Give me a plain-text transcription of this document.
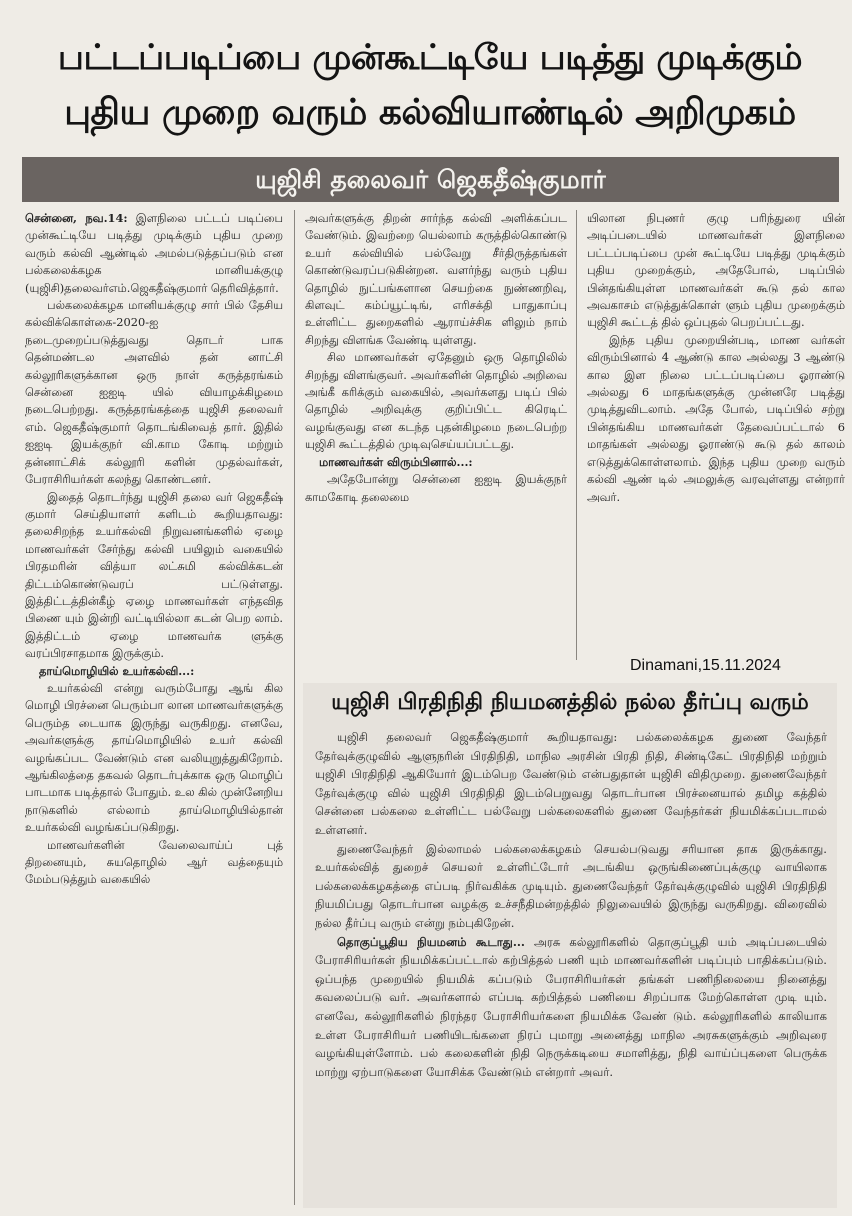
பட்டப்படிப்பை முன்கூட்டியே படித்து முடிக்கும்
புதிய முறை வரும் கல்வியாண்டில் அறிமுகம்
யுஜிசி தலைவர் ஜெகதீஷ்குமார்

சென்னை, நவ.14: இளநிலை பட்டப் படிப்பை முன்கூட்டியே படித்து முடிக்கும் புதிய முறை வரும் கல்வி ஆண்டில் அமல்படுத்தப்படும் என பல்கலைக்கழக மானியக்குழு (யுஜிசி)தலைவர்எம்.ஜெகதீஷ்குமார் தெரிவித்தார்.

பல்கலைக்கழக மானியக்குழு சார் பில் தேசிய கல்விக்கொள்கை-2020-ஐ நடைமுறைப்படுத்துவது தொடர் பாக தென்மண்டல அளவில் தன் னாட்சி கல்லூரிகளுக்கான ஒரு நாள் கருத்தரங்கம் சென்னை ஐஐடி யில் வியாழக்கிழமை நடைபெற்றது. கருத்தரங்கத்தை யுஜிசி தலைவர் எம். ஜெகதீஷ்குமார் தொடங்கிவைத் தார். இதில் ஐஐடி இயக்குநர் வி.காம கோடி மற்றும் தன்னாட்சிக் கல்லூரி களின் முதல்வர்கள், பேராசிரியர்கள் கலந்து கொண்டனர்.

இதைத் தொடர்ந்து யுஜிசி தலை வர் ஜெகதீஷ் குமார் செய்தியாளர் களிடம் கூறியதாவது: தலைசிறந்த உயர்கல்வி நிறுவனங்களில் ஏழை மாணவர்கள் சேர்ந்து கல்வி பயிலும் வகையில் பிரதமரின் வித்யா லட்சுமி கல்விக்கடன் திட்டம்கொண்டுவரப் பட்டுள்ளது. இத்திட்டத்தின்கீழ் ஏழை மாணவர்கள் எந்தவித பிணை யும் இன்றி வட்டியில்லா கடன் பெற லாம். இத்திட்டம் ஏழை மாணவர்க ளுக்கு வரப்பிரசாதமாக இருக்கும்.

தாய்மொழியில் உயர்கல்வி...:

உயர்கல்வி என்று வரும்போது ஆங் கில மொழி பிரச்னை பெரும்பா லான மாணவர்களுக்கு பெரும்த டையாக இருந்து வருகிறது. எனவே, அவர்களுக்கு தாய்மொழியில் உயர் கல்வி வழங்கப்பட வேண்டும் என வலியுறுத்துகிறோம். ஆங்கிலத்தை தகவல் தொடர்புக்காக ஒரு மொழிப் பாடமாக படித்தால் போதும். உல கில் முன்னேறிய நாடுகளில் எல்லாம் தாய்மொழியில்தான் உயர்கல்வி வழங்கப்படுகிறது.

மாணவர்களின் வேலைவாய்ப் புத் திறனையும், சுயதொழில் ஆர் வத்தையும் மேம்படுத்தும் வகையில்

அவர்களுக்கு திறன் சார்ந்த கல்வி அளிக்கப்பட வேண்டும். இவற்றை யெல்லாம் கருத்தில்கொண்டு உயர் கல்வியில் பல்வேறு சீர்திருத்தங்கள் கொண்டுவரப்படுகின்றன. வளர்ந்து வரும் புதிய தொழில் நுட்பங்களான செயற்கை நுண்ணறிவு, கிளவுட் கம்ப்யூட்டிங், எரிசக்தி பாதுகாப்பு உள்ளிட்ட துறைகளில் ஆராய்ச்சிக ளிலும் நாம் சிறந்து விளங்க வேண்டி யுள்ளது.

சில மாணவர்கள் ஏதேனும் ஒரு தொழிலில் சிறந்து விளங்குவர். அவர்களின் தொழில் அறிவை அங்கீ கரிக்கும் வகையில், அவர்களது படிப் பில் தொழில் அறிவுக்கு குறிப்பிட்ட கிரெடிட் வழங்குவது என கடந்த புதன்கிழமை நடைபெற்ற யுஜிசி கூட்டத்தில் முடிவுசெய்யப்பட்டது.

மாணவர்கள் விரும்பினால்...:

அதேபோன்று சென்னை ஐஐடி இயக்குநர் காமகோடி தலைமை

யிலான நிபுணர் குழு பரிந்துரை யின் அடிப்படையில் மாணவர்கள் இளநிலை பட்டப்படிப்பை முன் கூட்டியே படித்து முடிக்கும் புதிய முறைக்கும், அதேபோல், படிப்பில் பின்தங்கியுள்ள மாணவர்கள் கூடு தல் கால அவகாசம் எடுத்துக்கொள் ளும் புதிய முறைக்கும் யுஜிசி கூட்டத் தில் ஒப்புதல் பெறப்பட்டது.

இந்த புதிய முறையின்படி, மாண வர்கள் விரும்பினால் 4 ஆண்டு கால அல்லது 3 ஆண்டு கால இள நிலை பட்டப்படிப்பை ஓராண்டு அல்லது 6 மாதங்களுக்கு முன்னரே படித்து முடித்துவிடலாம். அதே போல், படிப்பில் சற்று பின்தங்கிய மாணவர்கள் தேவைப்பட்டால் 6 மாதங்கள் அல்லது ஓராண்டு கூடு தல் காலம் எடுத்துக்கொள்ளலாம். இந்த புதிய முறை வரும் கல்வி ஆண் டில் அமலுக்கு வரவுள்ளது என்றார் அவர்.

Dinamani,15.11.2024
யுஜிசி பிரதிநிதி நியமனத்தில் நல்ல தீர்ப்பு வரும்

யுஜிசி தலைவர் ஜெகதீஷ்குமார் கூறியதாவது: பல்கலைக்கழக துணை வேந்தர் தேர்வுக்குழுவில் ஆளுநரின் பிரதிநிதி, மாநில அரசின் பிரதி நிதி, சிண்டிகேட் பிரதிநிதி மற்றும் யுஜிசி பிரதிநிதி ஆகியோர் இடம்பெற வேண்டும் என்பதுதான் யுஜிசி விதிமுறை. துணைவேந்தர் தேர்வுக்குழு வில் யுஜிசி பிரதிநிதி இடம்பெறுவது தொடர்பான பிரச்னையால் தமிழ கத்தில் சென்னை பல்கலை உள்ளிட்ட பல்வேறு பல்கலைகளில் துணை வேந்தர்கள் நியமிக்கப்படாமல் உள்ளனர்.

துணைவேந்தர் இல்லாமல் பல்கலைக்கழகம் செயல்படுவது சரியான தாக இருக்காது. உயர்கல்வித் துறைச் செயலர் உள்ளிட்டோர் அடங்கிய ஒருங்கிணைப்புக்குழு வாயிலாக பல்கலைக்கழகத்தை எப்படி நிர்வகிக்க முடியும். துணைவேந்தர் தேர்வுக்குழுவில் யுஜிசி பிரதிநிதி நியமிப்பது தொடர்பான வழக்கு உச்சநீதிமன்றத்தில் நிலுவையில் இருந்து வருகிறது. விரைவில் நல்ல தீர்ப்பு வரும் என்று நம்புகிறேன்.

தொகுப்பூதிய நியமனம் கூடாது... அரசு கல்லூரிகளில் தொகுப்பூதி யம் அடிப்படையில் பேராசிரியர்கள் நியமிக்கப்பட்டால் கற்பித்தல் பணி யும் மாணவர்களின் படிப்பும் பாதிக்கப்படும். ஒப்பந்த முறையில் நியமிக் கப்படும் பேராசிரியர்கள் தங்கள் பணிநிலையை நினைத்து கவலைப்படு வர். அவர்களால் எப்படி கற்பித்தல் பணியை சிறப்பாக மேற்கொள்ள முடி யும். எனவே, கல்லூரிகளில் நிரந்தர பேராசிரியர்களை நியமிக்க வேண் டும். கல்லூரிகளில் காலியாக உள்ள பேராசிரியர் பணியிடங்களை நிரப் புமாறு அனைத்து மாநில அரசுகளுக்கும் அறிவுரை வழங்கியுள்ளோம். பல் கலைகளின் நிதி நெருக்கடியை சமாளித்து, நிதி வாய்ப்புகளை பெருக்க மாற்று ஏற்பாடுகளை யோசிக்க வேண்டும் என்றார் அவர்.
